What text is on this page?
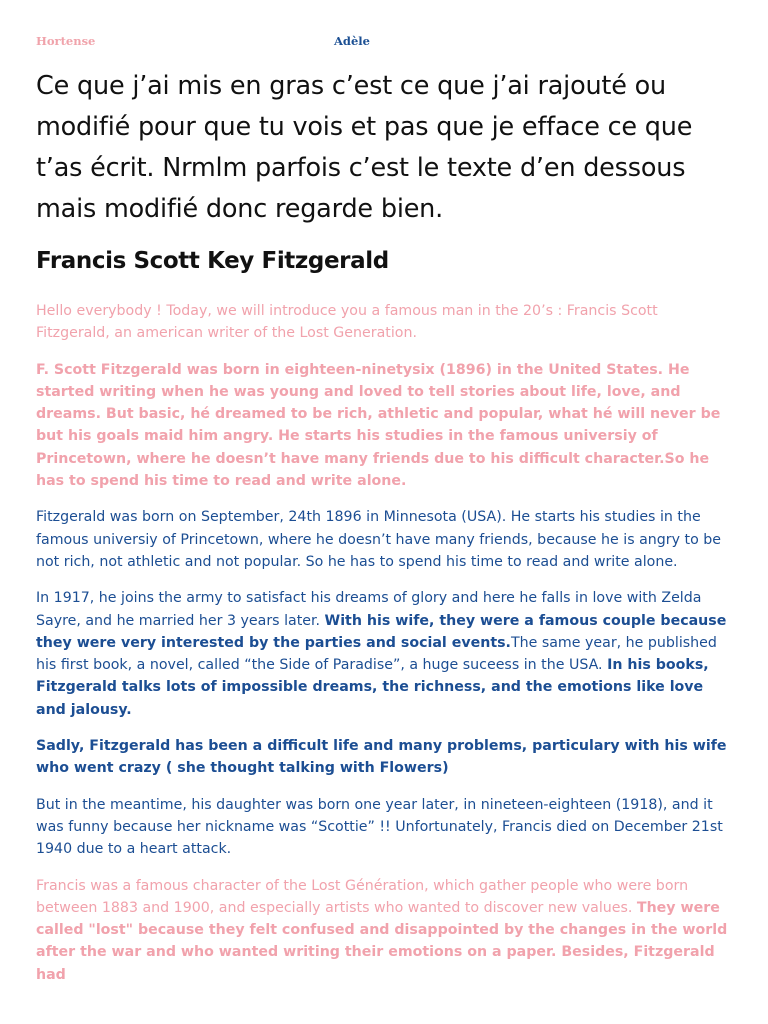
Hortense	Adèle

Ce que j’ai mis en gras c’est ce que j’ai rajouté ou modifié pour que tu vois et pas que je efface ce que t’as écrit. Nrmlm parfois c’est le texte d’en dessous mais modifié donc regarde bien.

Francis Scott Key Fitzgerald

Hello everybody ! Today, we will introduce you a famous man in the 20’s : Francis Scott Fitzgerald, an american writer of the Lost Generation.

F. Scott Fitzgerald was born in eighteen-ninetysix (1896) in the United States. He started writing when he was young and loved to tell stories about life, love, and dreams. But basic, hé dreamed to be rich, athletic and popular, what hé will never be but his goals maid him angry. He starts his studies in the famous universiy of Princetown, where he doesn’t have many friends due to his difficult character.So he has to spend his time to read and write alone.

Fitzgerald was born on September, 24th 1896 in Minnesota (USA). He starts his studies in the famous universiy of Princetown, where he doesn’t have many friends, because he is angry to be not rich, not athletic and not popular. So he has to spend his time to read and write alone.

In 1917, he joins the army to satisfact his dreams of glory and here he falls in love with Zelda Sayre, and he married her 3 years later. With his wife, they were a famous couple because they were very interested by the parties and social events.The same year, he published his first book, a novel, called “the Side of Paradise”, a huge suceess in the USA. In his books, Fitzgerald talks lots of impossible dreams, the richness, and the emotions like love and jalousy.

Sadly, Fitzgerald has been a difficult life and many problems, particulary with his wife who went crazy ( she thought talking with Flowers)

But in the meantime, his daughter was born one year later, in nineteen-eighteen (1918), and it was funny because her nickname was “Scottie” !! Unfortunately, Francis died on December 21st 1940 due to a heart attack.

Francis was a famous character of the Lost Génération, which gather people who were born between 1883 and 1900, and especially artists who wanted to discover new values. They were called "lost" because they felt confused and disappointed by the changes in the world after the war and who wanted writing their emotions on a paper. Besides, Fitzgerald had
